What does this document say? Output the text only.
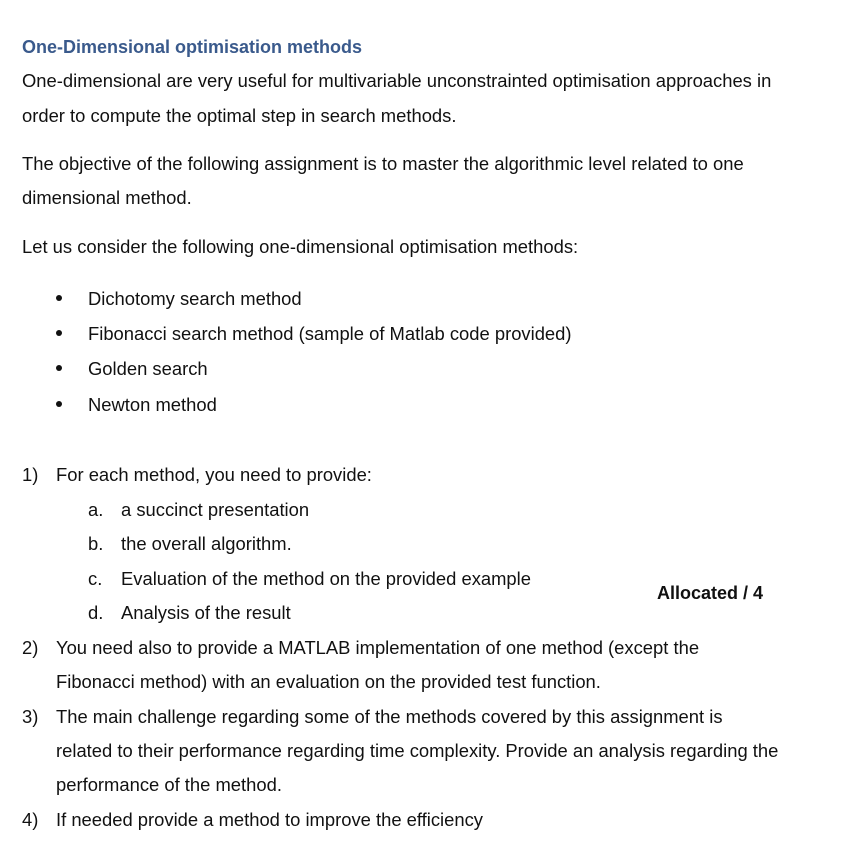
One-Dimensional optimisation methods
One-dimensional are very useful for multivariable unconstrainted optimisation approaches in
order to compute the optimal step in search methods.
The objective of the following assignment is to master the algorithmic level related to one
dimensional method.
Let us consider the following one-dimensional optimisation methods:
Dichotomy search method
Fibonacci search method (sample of Matlab code provided)
Golden search
Newton method
1) For each method, you need to provide:
a. a succinct presentation
b. the overall algorithm.
c. Evaluation of the method on the provided example
d. Analysis of the result
Allocated / 4
2) You need also to provide a MATLAB implementation of one method (except the
Fibonacci method) with an evaluation on the provided test function.
3) The main challenge regarding some of the methods covered by this assignment is
related to their performance regarding time complexity. Provide an analysis regarding the
performance of the method.
4) If needed provide a method to improve the efficiency
